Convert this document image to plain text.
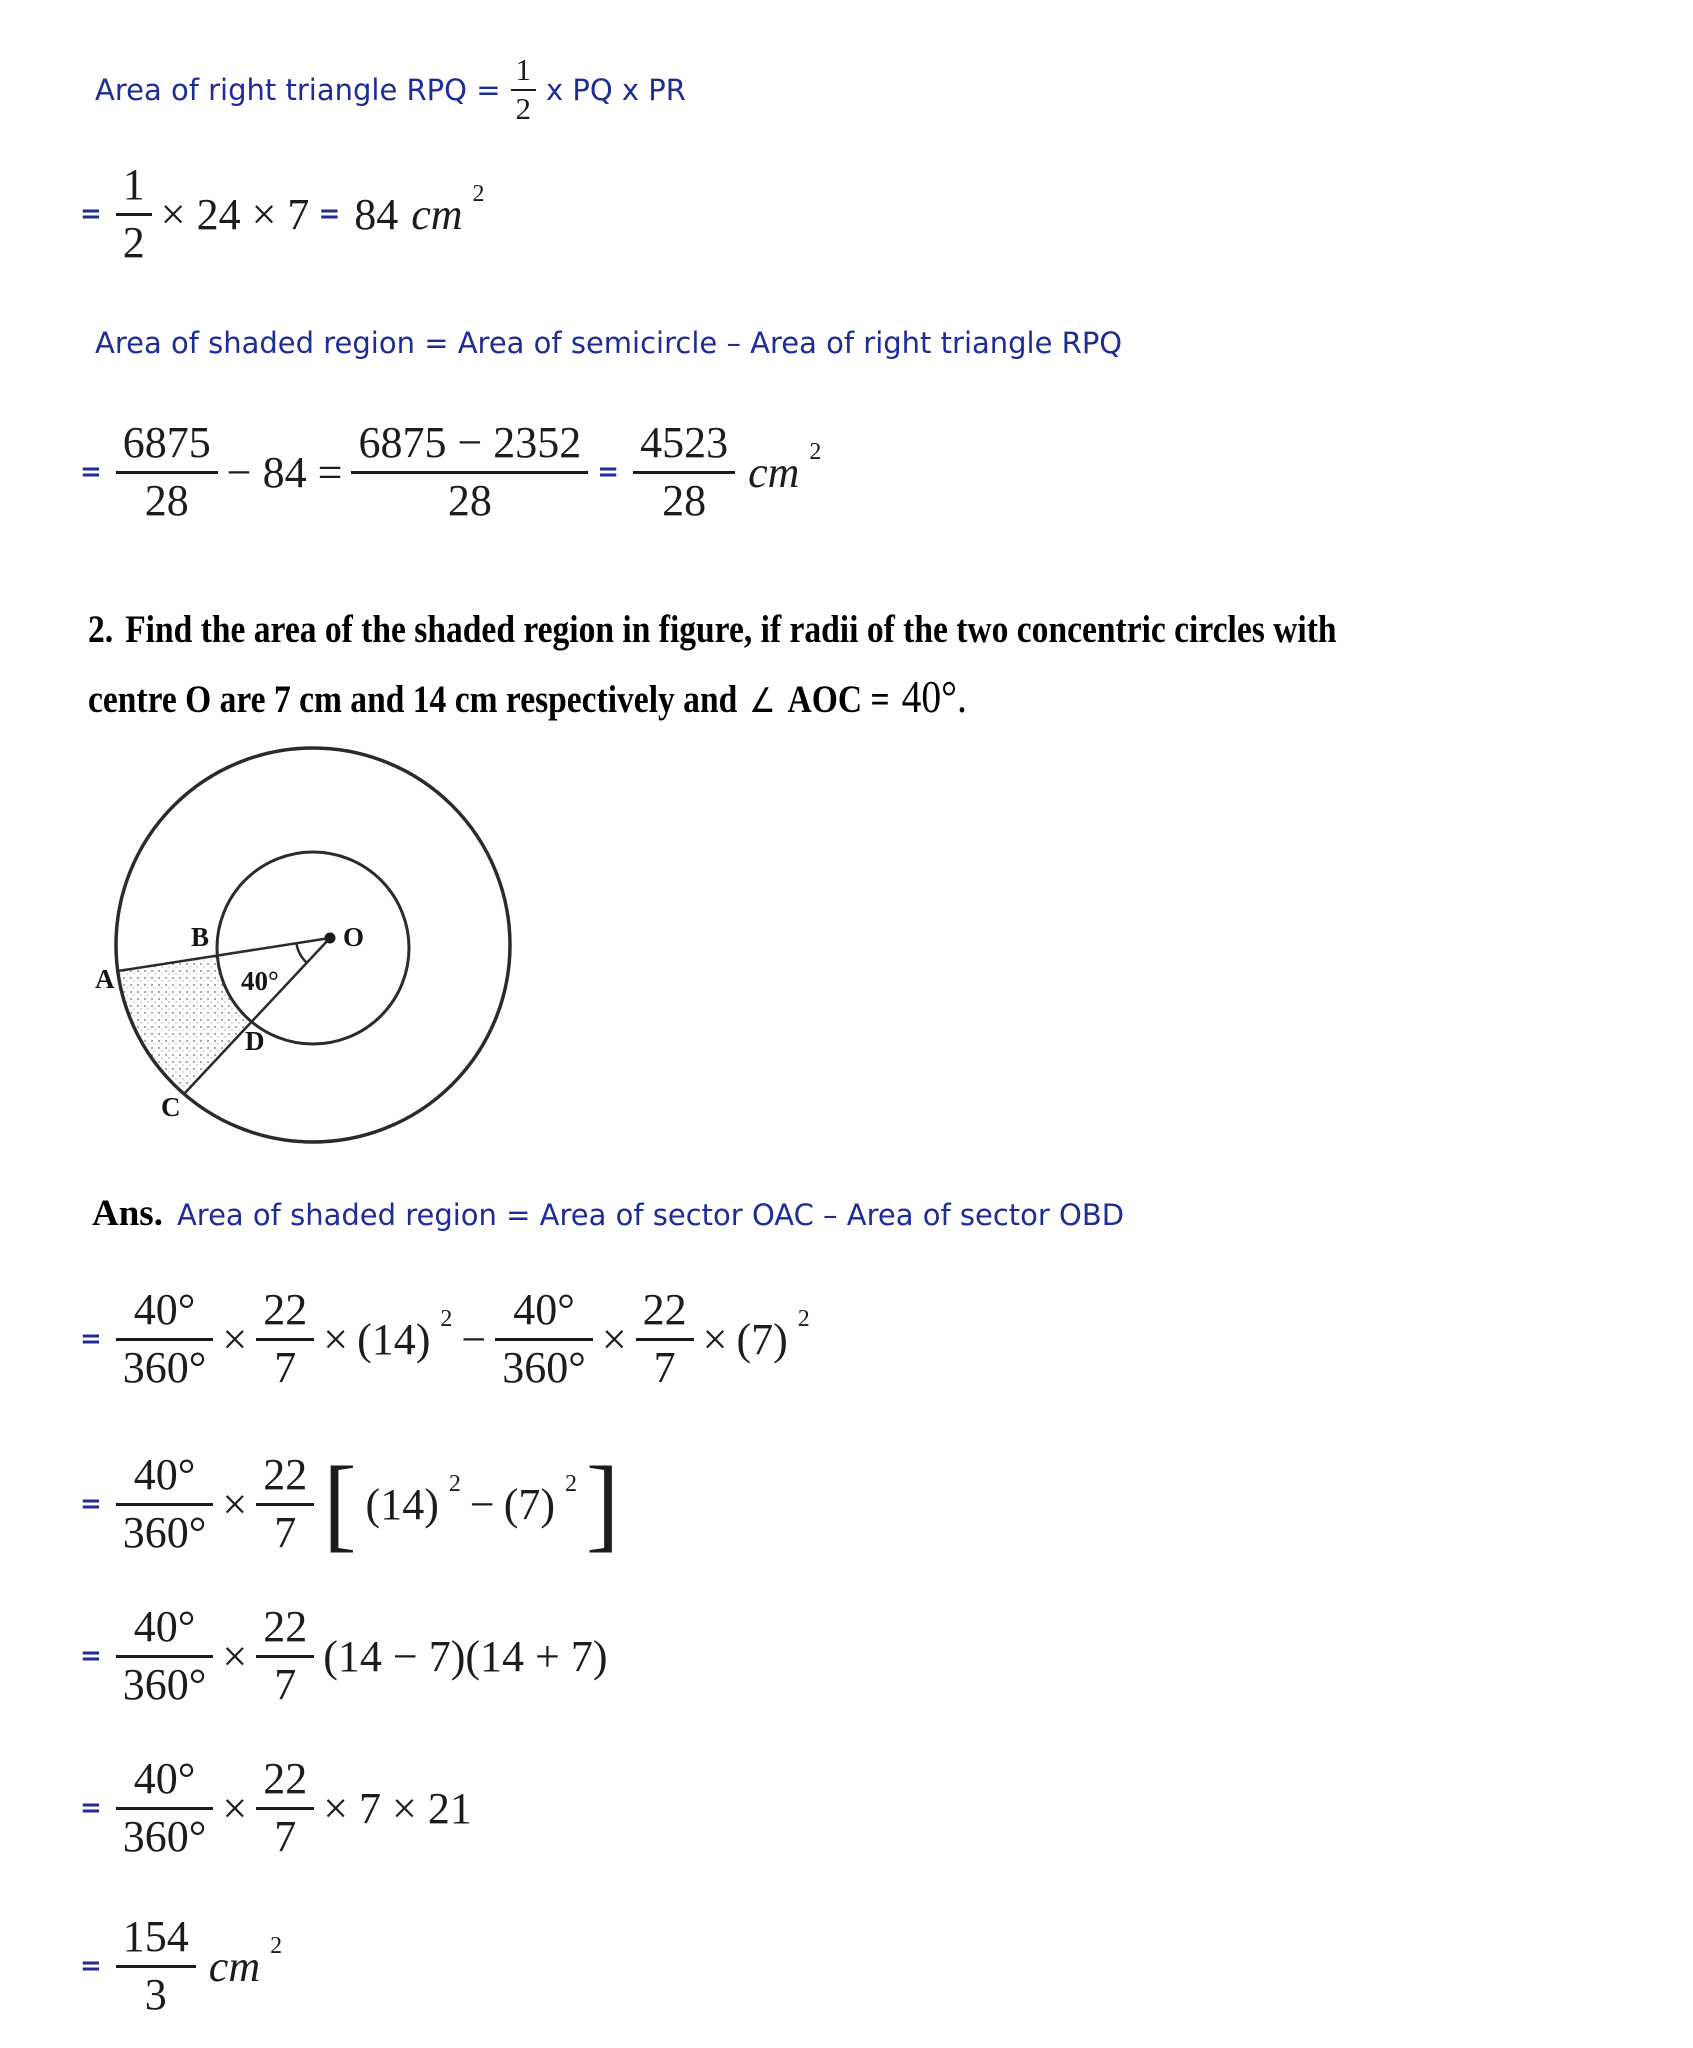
Area of right triangle RPQ = $\frac{1}{2}$ x PQ x PR
= $\frac{1}{2} \times 24 \times 7 = 84$ cm $^2$
Area of shaded region = Area of semicircle – Area of right triangle RPQ
= $\frac{6875}{28} - 84 = \frac{6875 - 2352}{28} = \frac{4523}{28}$ cm $^2$
2. Find the area of the shaded region in figure, if radii of the two concentric circles with
centre O are 7 cm and 14 cm respectively and ∠ AOC = 40°.
A
B
C
D
O
40°
Ans. Area of shaded region = Area of sector OAC – Area of sector OBD
= $\frac{40^\circ}{360^\circ} \times \frac{22}{7} \times (14) ^2 - \frac{40^\circ}{360^\circ} \times \frac{22}{7} \times (7)$ $^2$
= $\frac{40^\circ}{360^\circ} \times \frac{22}{7}$ [ (14) $^2$ − (7) $^2$ ]
= $\frac{40^\circ}{360^\circ} \times \frac{22}{7} (14 - 7)(14 + 7)$
= $\frac{40^\circ}{360^\circ} \times \frac{22}{7} \times 7 \times 21$
= $\frac{154}{3}$ cm $^2$
